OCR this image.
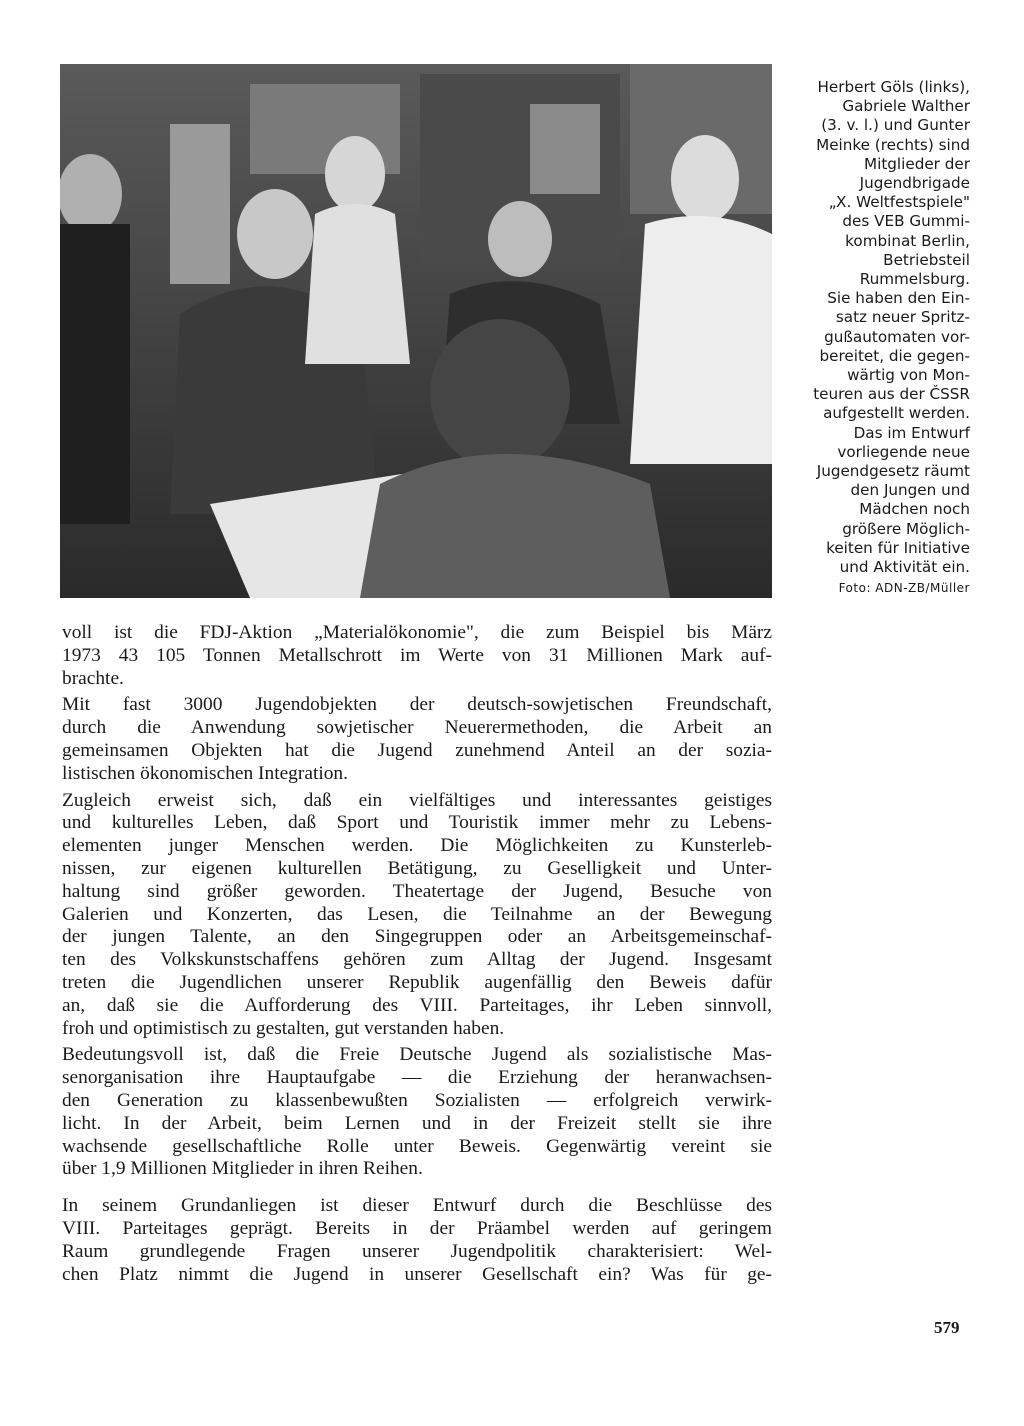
Herbert Göls (links),
Gabriele Walther
(3. v. l.) und Gunter
Meinke (rechts) sind
Mitglieder der
Jugendbrigade
„X. Weltfestspiele"
des VEB Gummi-
kombinat Berlin,
Betriebsteil
Rummelsburg.
Sie haben den Ein-
satz neuer Spritz-
gußautomaten vor-
bereitet, die gegen-
wärtig von Mon-
teuren aus der ČSSR
aufgestellt werden.
Das im Entwurf
vorliegende neue
Jugendgesetz räumt
den Jungen und
Mädchen noch
größere Möglich-
keiten für Initiative
und Aktivität ein.
Foto: ADN-ZB/Müller
voll ist die FDJ-Aktion „Materialökonomie", die zum Beispiel bis März
1973 43 105 Tonnen Metallschrott im Werte von 31 Millionen Mark auf-
brachte.
Mit fast 3000 Jugendobjekten der deutsch-sowjetischen Freundschaft,
durch die Anwendung sowjetischer Neuerermethoden, die Arbeit an
gemeinsamen Objekten hat die Jugend zunehmend Anteil an der sozia-
listischen ökonomischen Integration.
Zugleich erweist sich, daß ein vielfältiges und interessantes geistiges
und kulturelles Leben, daß Sport und Touristik immer mehr zu Lebens-
elementen junger Menschen werden. Die Möglichkeiten zu Kunsterleb-
nissen, zur eigenen kulturellen Betätigung, zu Geselligkeit und Unter-
haltung sind größer geworden. Theatertage der Jugend, Besuche von
Galerien und Konzerten, das Lesen, die Teilnahme an der Bewegung
der jungen Talente, an den Singegruppen oder an Arbeitsgemeinschaf-
ten des Volkskunstschaffens gehören zum Alltag der Jugend. Insgesamt
treten die Jugendlichen unserer Republik augenfällig den Beweis dafür
an, daß sie die Aufforderung des VIII. Parteitages, ihr Leben sinnvoll,
froh und optimistisch zu gestalten, gut verstanden haben.
Bedeutungsvoll ist, daß die Freie Deutsche Jugend als sozialistische Mas-
senorganisation ihre Hauptaufgabe — die Erziehung der heranwachsen-
den Generation zu klassenbewußten Sozialisten — erfolgreich verwirk-
licht. In der Arbeit, beim Lernen und in der Freizeit stellt sie ihre
wachsende gesellschaftliche Rolle unter Beweis. Gegenwärtig vereint sie
über 1,9 Millionen Mitglieder in ihren Reihen.
In seinem Grundanliegen ist dieser Entwurf durch die Beschlüsse des
VIII. Parteitages geprägt. Bereits in der Präambel werden auf geringem
Raum grundlegende Fragen unserer Jugendpolitik charakterisiert: Wel-
chen Platz nimmt die Jugend in unserer Gesellschaft ein? Was für ge-
579
